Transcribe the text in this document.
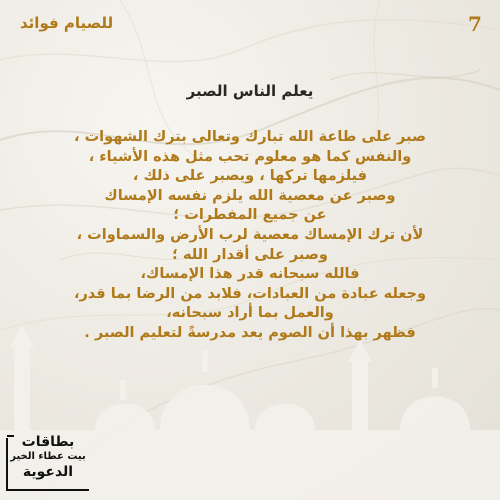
للصيام فوائد	7
يعلم الناس الصبر
صبر على طاعة الله تبارك وتعالى بترك الشهوات ،
والنفس كما هو معلوم تحب مثل هذه الأشياء ،
فيلزمها تركها ، ويصبر على ذلك ،
وصبر عن معصية الله يلزم نفسه الإمساك
عن جميع المفطرات ؛
لأن ترك الإمساك معصية لرب الأرض والسماوات ،
وصبر على أقدار الله ؛
فالله سبحانه قدر هذا الإمساك،
وجعله عبادة من العبادات، فلابد من الرضا بما قدر،
والعمل بما أراد سبحانه،
فظهر بهذا أن الصوم يعد مدرسةً لتعليم الصبر .
بطاقات
بيت عطاء الخير
الدعوية
